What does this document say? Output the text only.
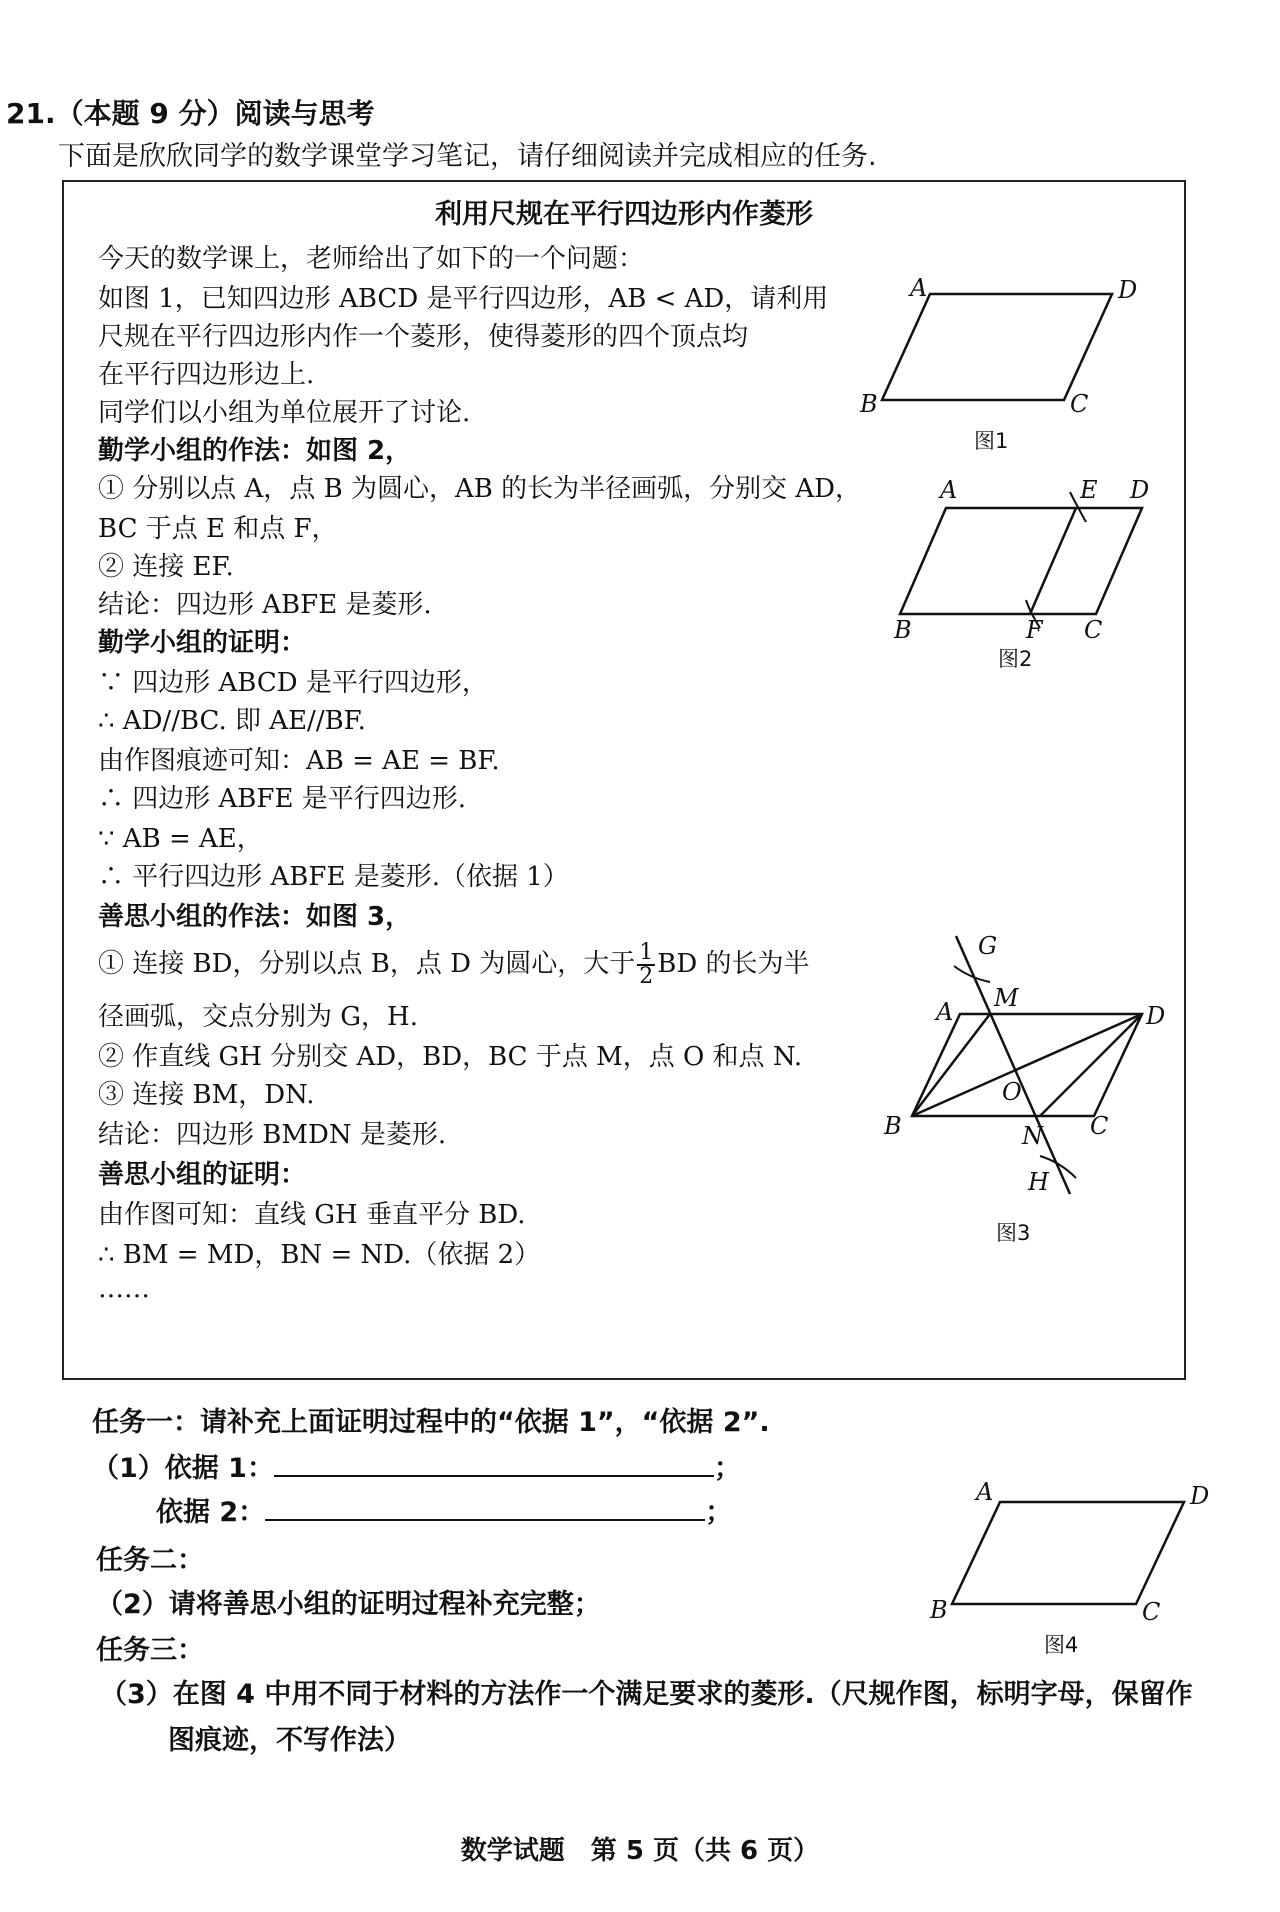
21.（本题 9 分）阅读与思考
下面是欣欣同学的数学课堂学习笔记，请仔细阅读并完成相应的任务.
利用尺规在平行四边形内作菱形
今天的数学课上，老师给出了如下的一个问题：
如图 1，已知四边形 ABCD 是平行四边形，AB < AD，请利用
尺规在平行四边形内作一个菱形，使得菱形的四个顶点均
在平行四边形边上.
同学们以小组为单位展开了讨论.
勤学小组的作法：如图 2，
① 分别以点 A，点 B 为圆心，AB 的长为半径画弧，分别交 AD，
BC 于点 E 和点 F，
② 连接 EF.
结论：四边形 ABFE 是菱形.
勤学小组的证明：
∵ 四边形 ABCD 是平行四边形，
∴ AD//BC. 即 AE//BF.
由作图痕迹可知：AB = AE = BF.
∴ 四边形 ABFE 是平行四边形.
∵ AB = AE，
∴ 平行四边形 ABFE 是菱形.（依据 1）
善思小组的作法：如图 3，
① 连接 BD，分别以点 B，点 D 为圆心，大于 $\frac{1}{2}$ BD 的长为半
径画弧，交点分别为 G，H.
② 作直线 GH 分别交 AD，BD，BC 于点 M，点 O 和点 N.
③ 连接 BM，DN.
结论：四边形 BMDN 是菱形.
善思小组的证明：
由作图可知：直线 GH 垂直平分 BD.
∴ BM = MD，BN = ND.（依据 2）
……
A	D
B	C
图1
A	E D
B	F C
图2
G
A M
D
O
B	N C
H
图3
任务一：请补充上面证明过程中的“依据 1”，“依据 2”.
（1）依据 1：	；
依据 2：	；
任务二：
（2）请将善思小组的证明过程补充完整；
任务三：
（3）在图 4 中用不同于材料的方法作一个满足要求的菱形.（尺规作图，标明字母，保留作
图痕迹，不写作法）
A	D
B	C
图4
数学试题　第 5 页（共 6 页）
